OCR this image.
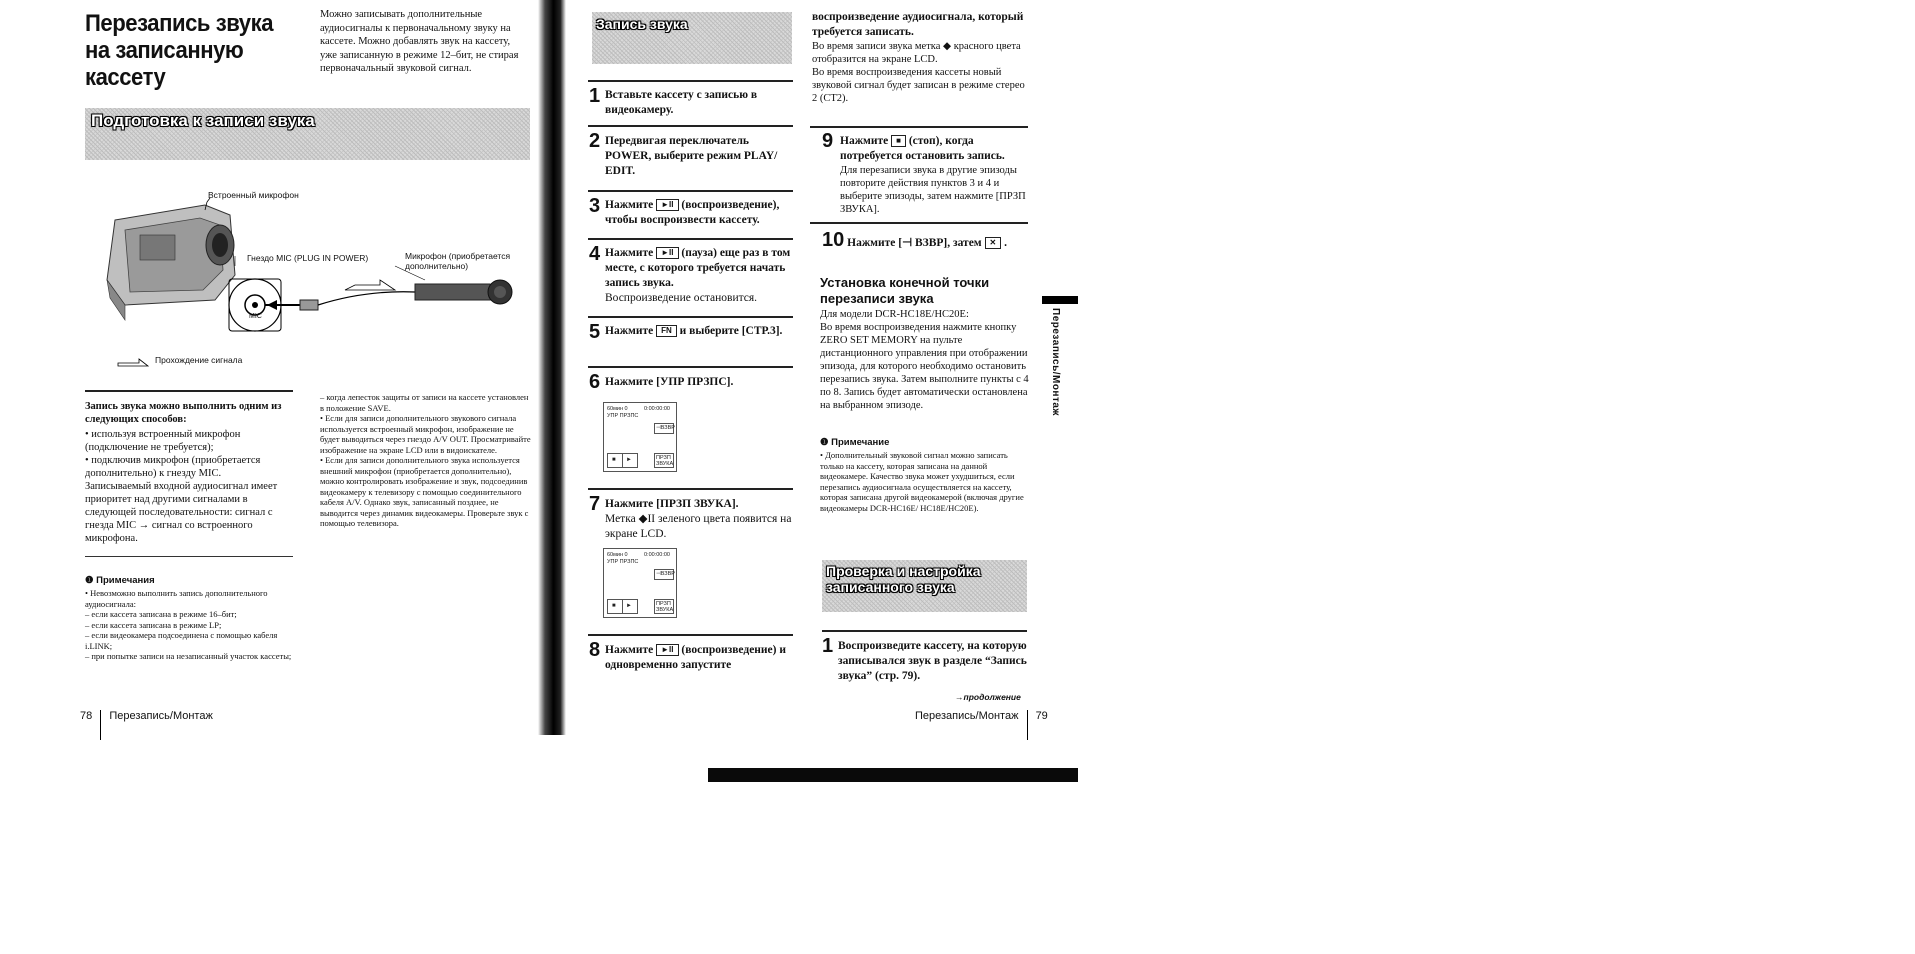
Перезапись звука на записанную кассету
Можно записывать дополнительные аудиосигналы к первоначальному звуку на кассете. Можно добавлять звук на кассету, уже записанную в режиме 12–бит, не стирая первоначальный звуковой сигнал.
Подготовка к записи звука
Встроенный микрофон
Гнездо MIC (PLUG IN POWER)	Микрофон (приобретается дополнительно)
MIC
Прохождение сигнала
Запись звука можно выполнить одним из следующих способов:
• используя встроенный микрофон (подключение не требуется);
• подключив микрофон (приобретается дополнительно) к гнезду MIC.
Записываемый входной аудиосигнал имеет приоритет над другими сигналами в следующей последовательности: сигнал с гнезда MIC → сигнал со встроенного микрофона.
❶ Примечания
• Невозможно выполнить запись дополнительного аудиосигнала:
– если кассета записана в режиме 16–бит;
– если кассета записана в режиме LP;
– если видеокамера подсоединена с помощью кабеля i.LINK;
– при попытке записи на незаписанный участок кассеты;
– когда лепесток защиты от записи на кассете установлен в положение SAVE.
• Если для записи дополнительного звукового сигнала используется встроенный микрофон, изображение не будет выводиться через гнездо A/V OUT. Просматривайте изображение на экране LCD или в видоискателе.
• Если для записи дополнительного звука используется внешний микрофон (приобретается дополнительно), можно контролировать изображение и звук, подсоединив видеокамеру к телевизору с помощью соединительного кабеля A/V. Однако звук, записанный позднее, не выводится через динамик видеокамеры. Проверьте звук с помощью телевизора.
78 Перезапись/Монтаж
Запись звука
1 Вставьте кассету с записью в видеокамеру.
2 Передвигая переключатель POWER, выберите режим PLAY/ EDIT.
3 Нажмите ►II (воспроизведение), чтобы воспроизвести кассету.
4 Нажмите ►II (пауза) еще раз в том месте, с которого требуется начать запись звука.
Воспроизведение остановится.
5 Нажмите FN и выберите [СТР.3].
6 Нажмите [УПР ПРЗПС].
60мин 0	0:00:00:00
УПР ПРЗПС
⊣ВЗВР
■ ►	ПРЗП ЗВУКА
7 Нажмите [ПРЗП ЗВУКА].
Метка ◆II зеленого цвета появится на экране LCD.
60мин 0	0:00:00:00
УПР ПРЗПС
⊣ВЗВР
■ ►	ПРЗП ЗВУКА
8 Нажмите ►II (воспроизведение) и одновременно запустите
воспроизведение аудиосигнала, который требуется записать.
Во время записи звука метка ◆ красного цвета отобразится на экране LCD.
Во время воспроизведения кассеты новый звуковой сигнал будет записан в режиме стерео 2 (СТ2).
9 Нажмите ■ (стоп), когда потребуется остановить запись.
Для перезаписи звука в другие эпизоды повторите действия пунктов 3 и 4 и выберите эпизоды, затем нажмите [ПРЗП ЗВУКА].
10 Нажмите [⊣ ВЗВР], затем ✕ .
Установка конечной точки перезаписи звука
Для модели DCR-HC18E/HC20E:
Во время воспроизведения нажмите кнопку ZERO SET MEMORY на пульте дистанционного управления при отображении эпизода, для которого необходимо остановить перезапись звука. Затем выполните пункты с 4 по 8. Запись будет автоматически остановлена на выбранном эпизоде.
❶ Примечание
• Дополнительный звуковой сигнал можно записать только на кассету, которая записана на данной видеокамере. Качество звука может ухудшиться, если перезапись аудиосигнала осуществляется на кассету, которая записана другой видеокамерой (включая другие видеокамеры DCR-HC16E/ HC18E/HC20E).
Проверка и настройка записанного звука
1 Воспроизведите кассету, на которую записывался звук в разделе “Запись звука” (стр. 79).
→продолжение
Перезапись/Монтаж 79
Перезапись/Монтаж
